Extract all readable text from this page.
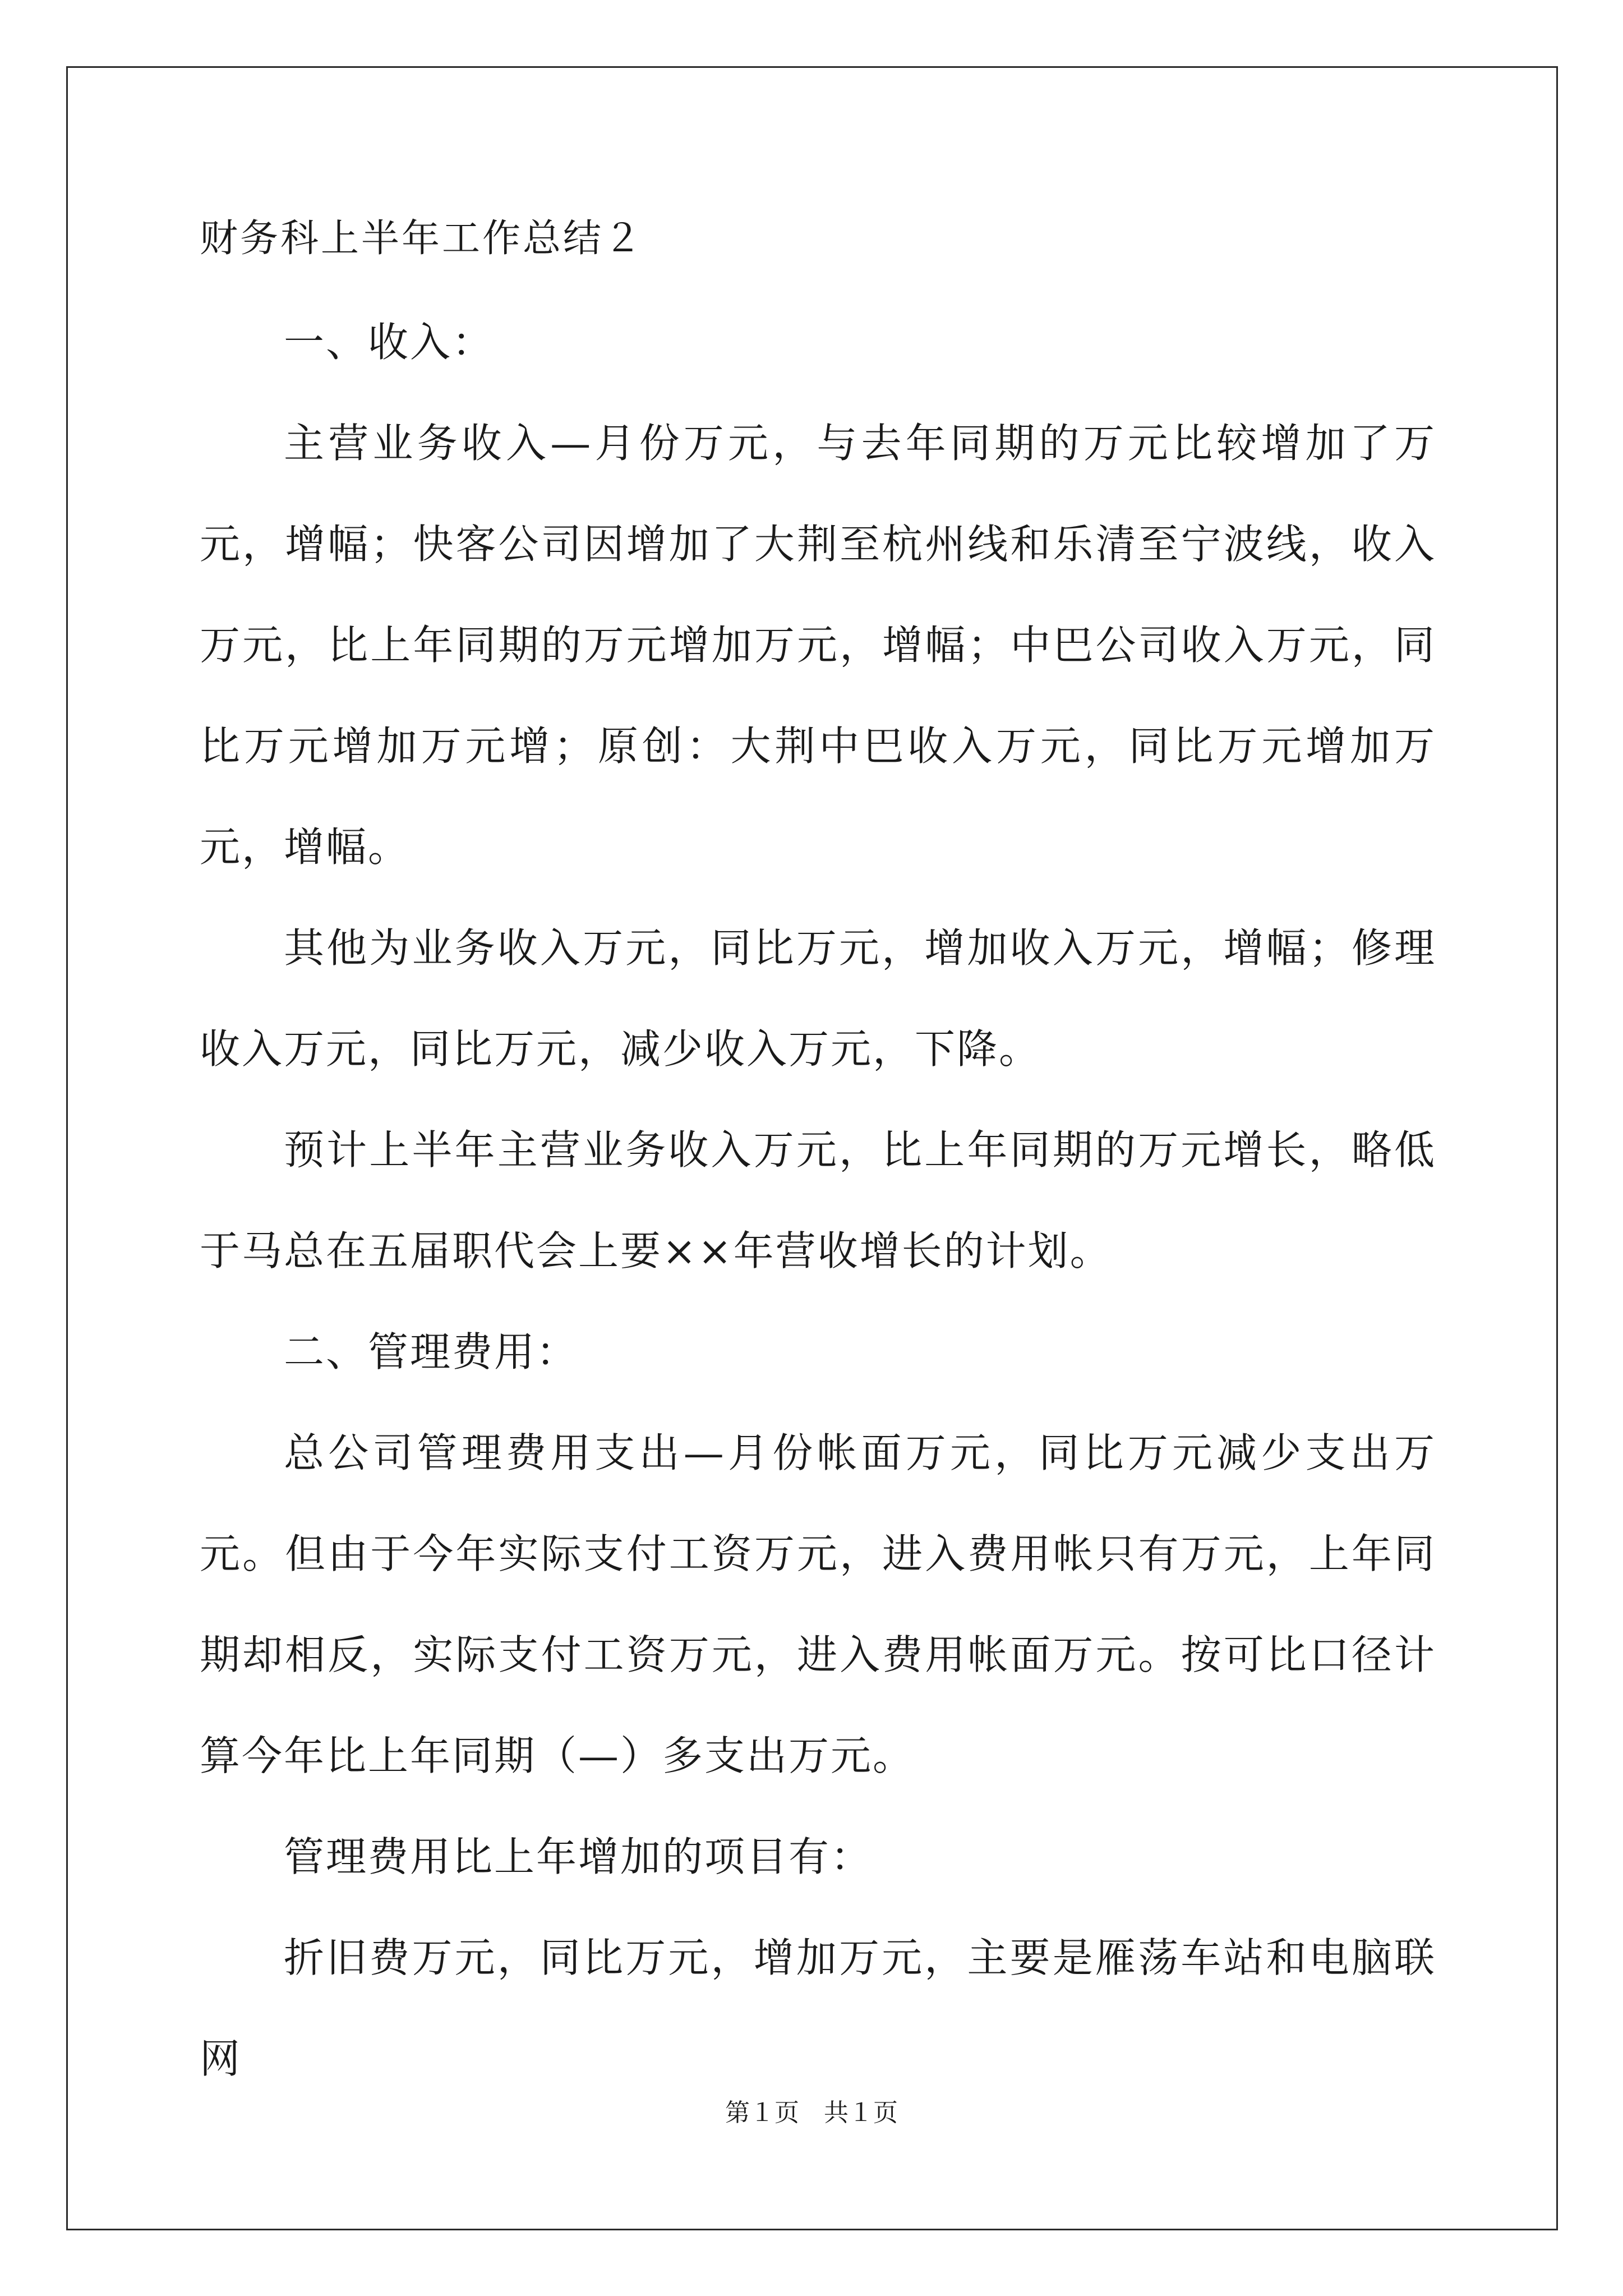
财务科上半年工作总结２

一、收入：

主营业务收入—月份万元，与去年同期的万元比较增加了万元，增幅；快客公司因增加了大荆至杭州线和乐清至宁波线，收入万元，比上年同期的万元增加万元，增幅；中巴公司收入万元，同比万元增加万元增；原创：大荆中巴收入万元，同比万元增加万元，增幅。

其他为业务收入万元，同比万元，增加收入万元，增幅；修理收入万元，同比万元，减少收入万元，下降。

预计上半年主营业务收入万元，比上年同期的万元增长，略低于马总在五届职代会上要××年营收增长的计划。

二、管理费用：

总公司管理费用支出—月份帐面万元，同比万元减少支出万元。但由于今年实际支付工资万元，进入费用帐只有万元，上年同期却相反，实际支付工资万元，进入费用帐面万元。按可比口径计算今年比上年同期（—）多支出万元。

管理费用比上年增加的项目有：

折旧费万元，同比万元，增加万元，主要是雁荡车站和电脑联网

第１页　共１页
